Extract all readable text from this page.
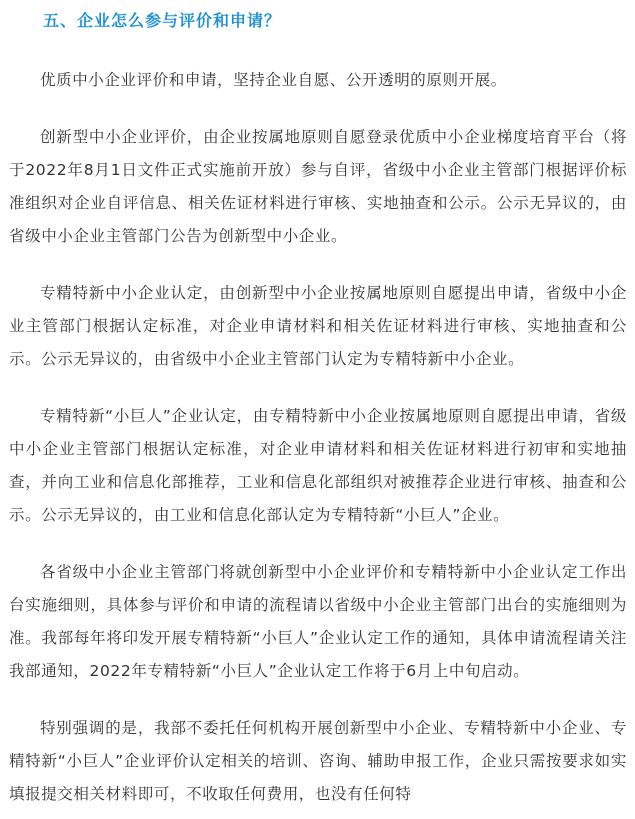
五、企业怎么参与评价和申请？

优质中小企业评价和申请，坚持企业自愿、公开透明的原则开展。

创新型中小企业评价，由企业按属地原则自愿登录优质中小企业梯度培育平台（将于2022年8月1日文件正式实施前开放）参与自评，省级中小企业主管部门根据评价标准组织对企业自评信息、相关佐证材料进行审核、实地抽查和公示。公示无异议的，由省级中小企业主管部门公告为创新型中小企业。

专精特新中小企业认定，由创新型中小企业按属地原则自愿提出申请，省级中小企业主管部门根据认定标准，对企业申请材料和相关佐证材料进行审核、实地抽查和公示。公示无异议的，由省级中小企业主管部门认定为专精特新中小企业。

专精特新“小巨人”企业认定，由专精特新中小企业按属地原则自愿提出申请，省级中小企业主管部门根据认定标准，对企业申请材料和相关佐证材料进行初审和实地抽查，并向工业和信息化部推荐，工业和信息化部组织对被推荐企业进行审核、抽查和公示。公示无异议的，由工业和信息化部认定为专精特新“小巨人”企业。

各省级中小企业主管部门将就创新型中小企业评价和专精特新中小企业认定工作出台实施细则，具体参与评价和申请的流程请以省级中小企业主管部门出台的实施细则为准。我部每年将印发开展专精特新“小巨人”企业认定工作的通知，具体申请流程请关注我部通知，2022年专精特新“小巨人”企业认定工作将于6月上中旬启动。

特别强调的是，我部不委托任何机构开展创新型中小企业、专精特新中小企业、专精特新“小巨人”企业评价认定相关的培训、咨询、辅助申报工作，企业只需按要求如实填报提交相关材料即可，不收取任何费用，也没有任何特
